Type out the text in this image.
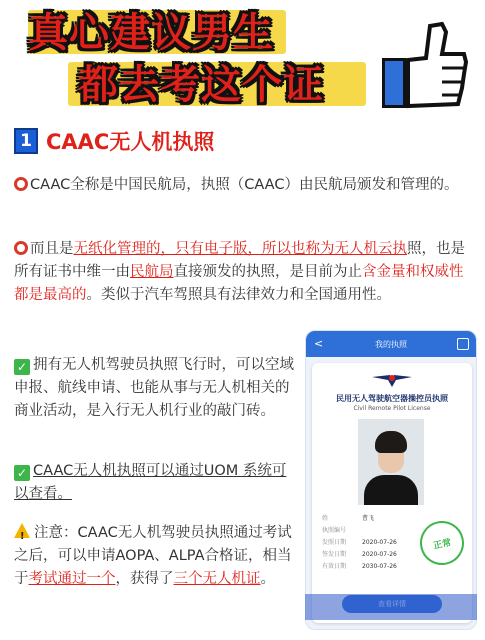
真心建议男生
都去考这个证
1 CAAC无人机执照
CAAC全称是中国民航局，执照（CAAC）由民航局颁发和管理的。
而且是无纸化管理的，只有电子版，所以也称为无人机云执照，也是所有证书中维一由民航局直接颁发的执照，是目前为止含金量和权威性都是最高的。类似于汽车驾照具有法律效力和全国通用性。
✓ 拥有无人机驾驶员执照飞行时，可以空域申报、航线申请、也能从事与无人机相关的商业活动，是入行无人机行业的敲门砖。
✓ CAAC无人机执照可以通过UOM 系统可以查看。
!注意：CAAC无人机驾驶员执照通过考试之后，可以申请AOPA、ALPA合格证，相当于考试通过一个，获得了三个无人机证。
<	我的执照
民用无人驾驶航空器操控员执照
Civil Remote Pilot License
姓	曹飞
执照编号
发照日期	2020-07-26
签发日期	2020-07-26
有效日期	2030-07-26
正常
